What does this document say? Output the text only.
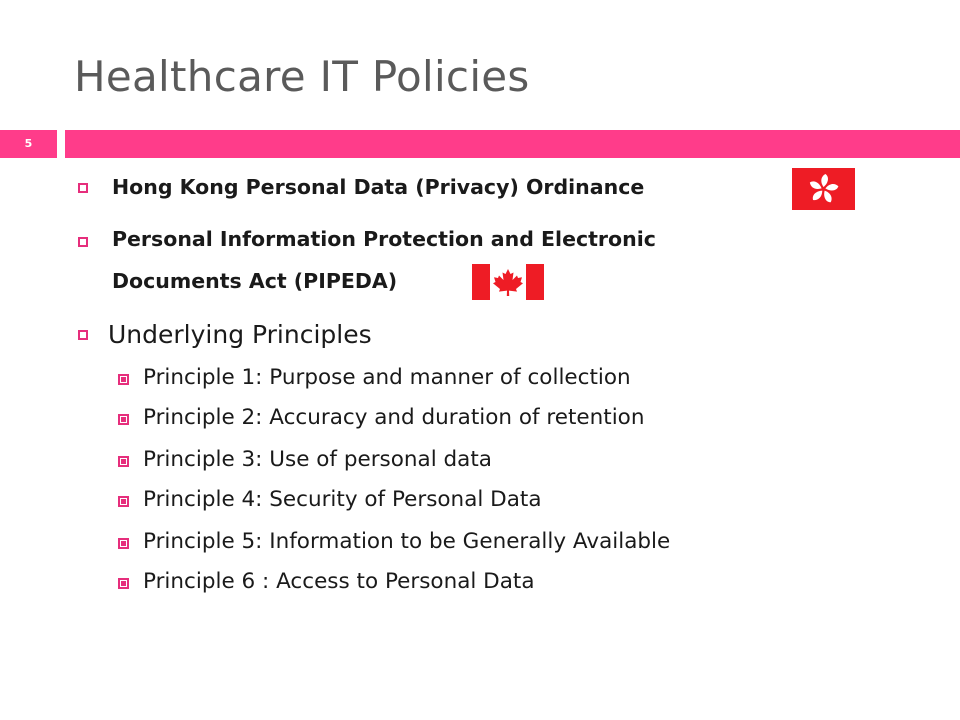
Healthcare IT Policies
5
Hong Kong Personal Data (Privacy) Ordinance
Personal Information Protection and Electronic
Documents Act (PIPEDA)
Underlying Principles
Principle 1: Purpose and manner of collection
Principle 2: Accuracy and duration of retention
Principle 3: Use of personal data
Principle 4: Security of Personal Data
Principle 5: Information to be Generally Available
Principle 6 : Access to Personal Data
